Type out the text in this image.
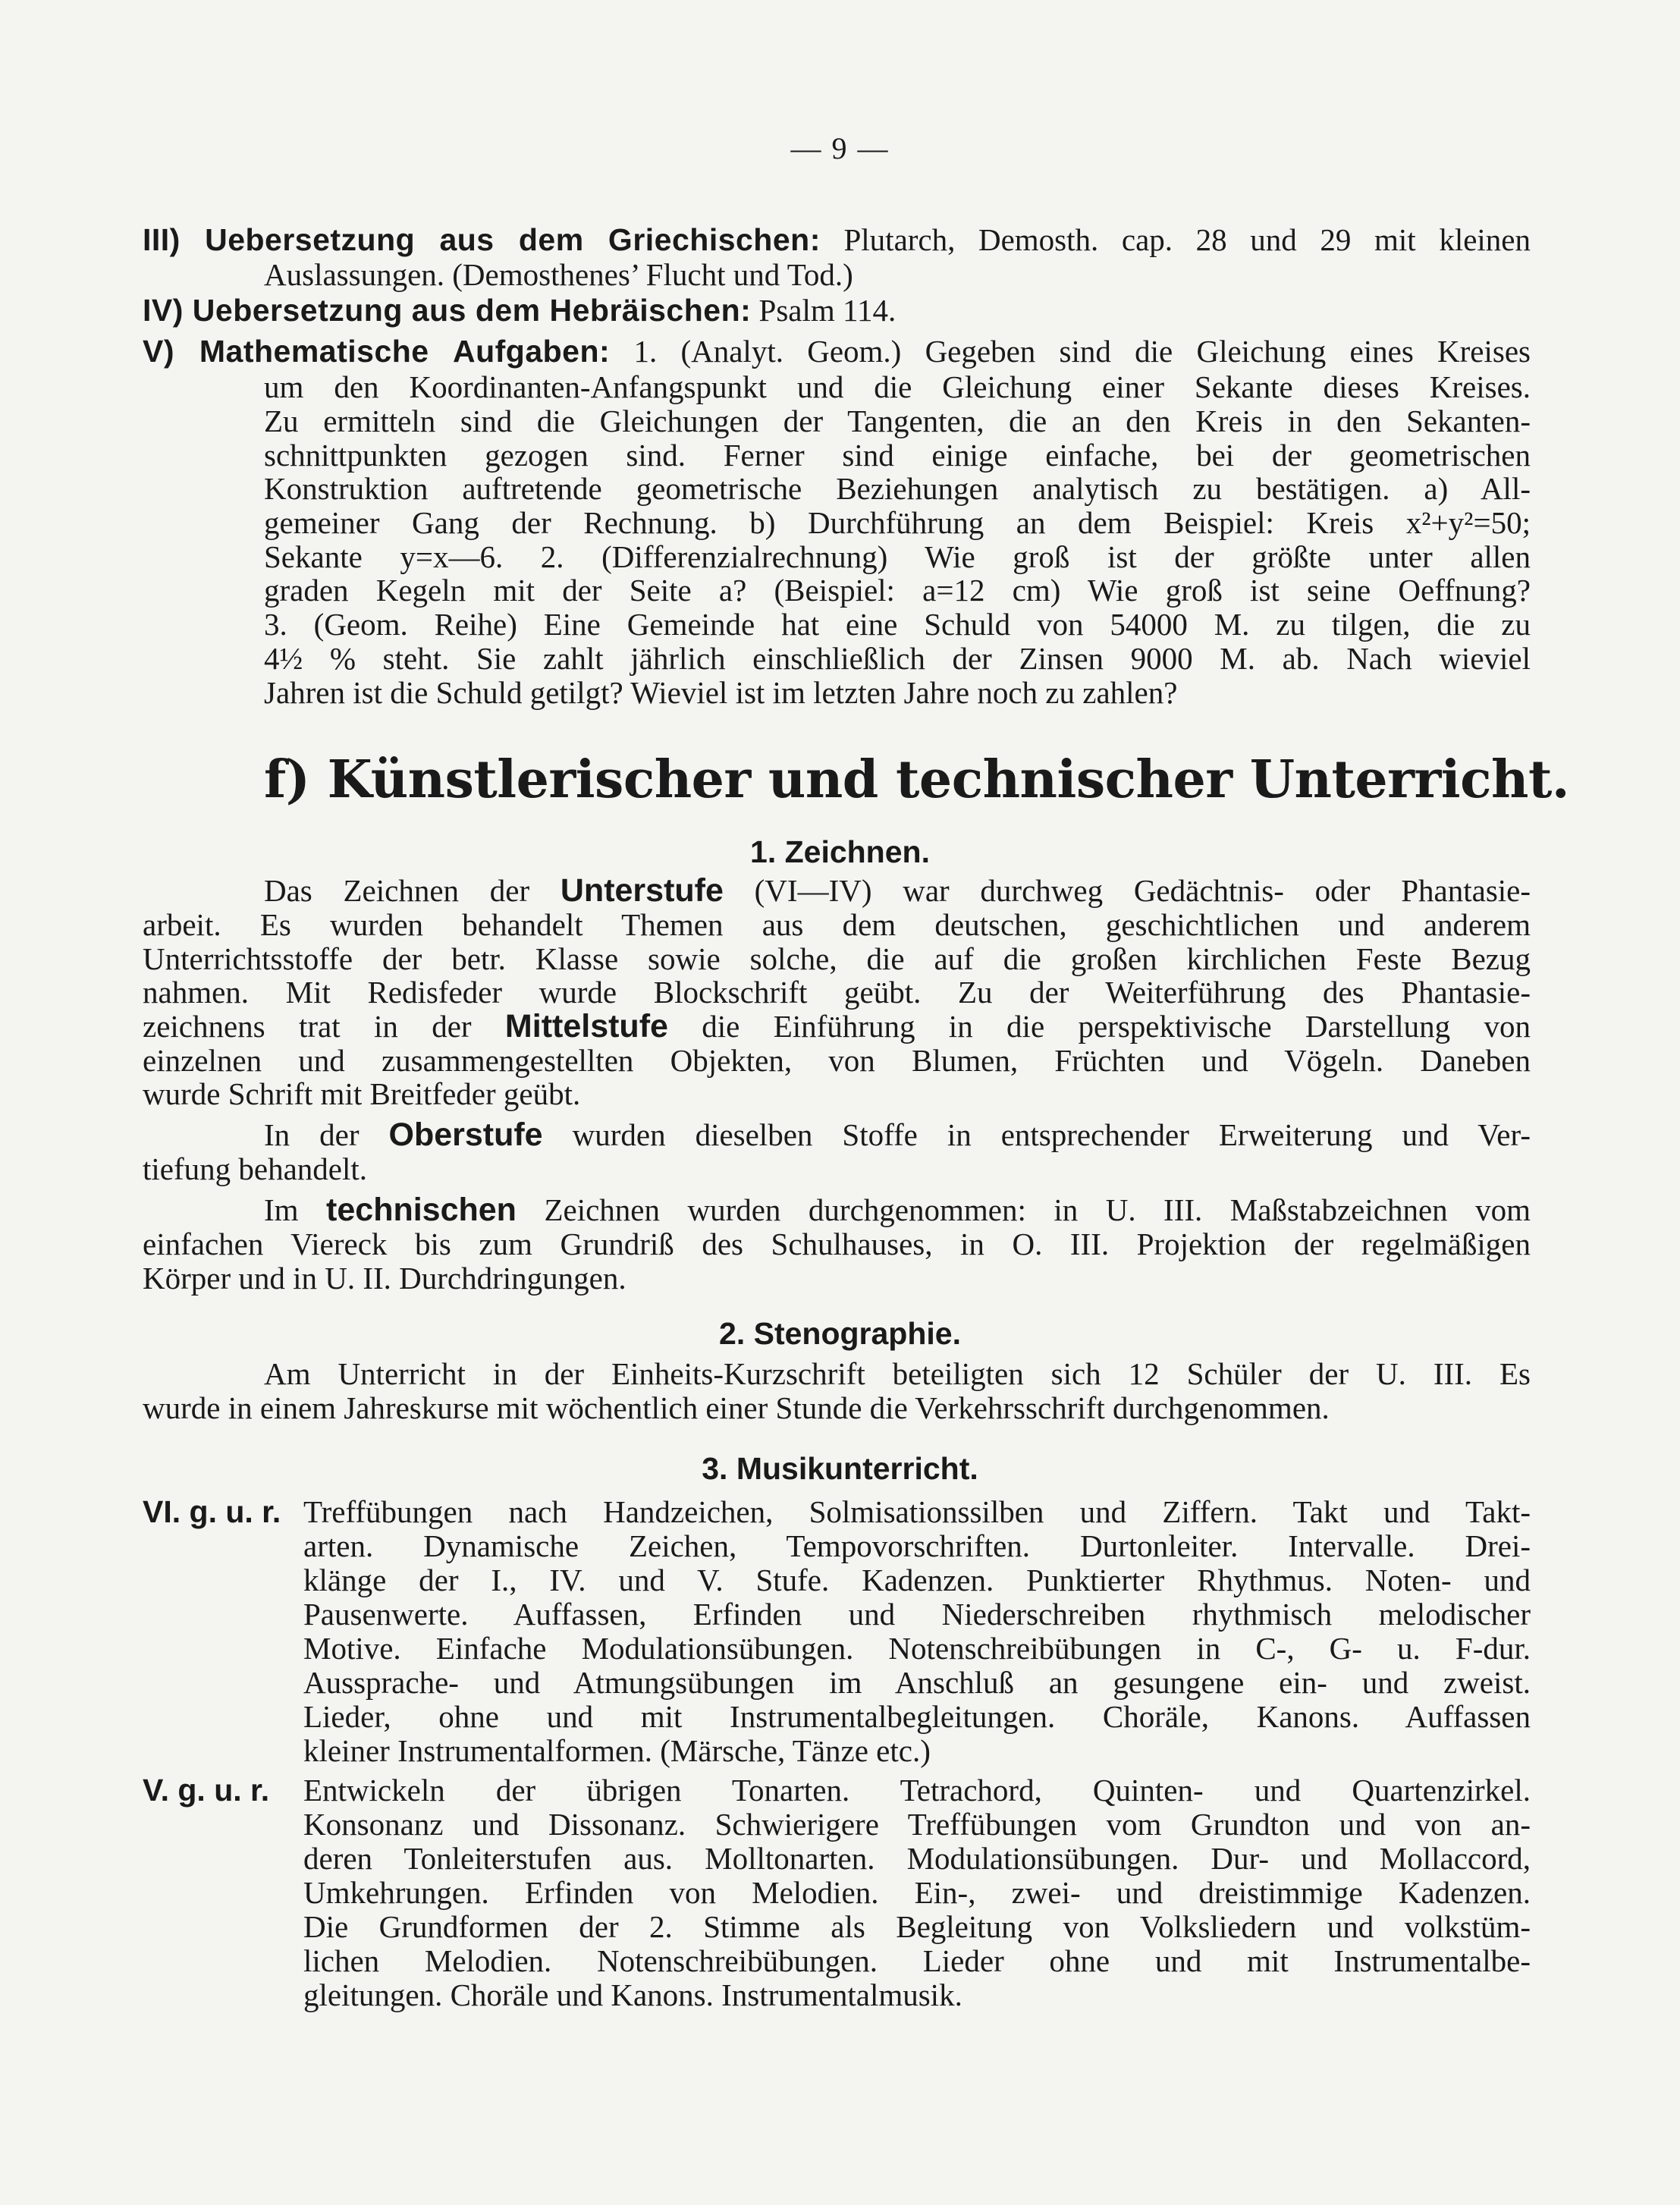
— 9 —
III) Uebersetzung aus dem Griechischen: Plutarch, Demosth. cap. 28 und 29 mit kleinen
Auslassungen. (Demosthenes’ Flucht und Tod.)
IV) Uebersetzung aus dem Hebräischen: Psalm 114.
V) Mathematische Aufgaben: 1. (Analyt. Geom.) Gegeben sind die Gleichung eines Kreises
um den Koordinanten-Anfangspunkt und die Gleichung einer Sekante dieses Kreises.
Zu ermitteln sind die Gleichungen der Tangenten, die an den Kreis in den Sekanten-
schnittpunkten gezogen sind. Ferner sind einige einfache, bei der geometrischen
Konstruktion auftretende geometrische Beziehungen analytisch zu bestätigen. a) All-
gemeiner Gang der Rechnung. b) Durchführung an dem Beispiel: Kreis x²+y²=50;
Sekante y=x—6. 2. (Differenzialrechnung) Wie groß ist der größte unter allen
graden Kegeln mit der Seite a? (Beispiel: a=12 cm) Wie groß ist seine Oeffnung?
3. (Geom. Reihe) Eine Gemeinde hat eine Schuld von 54000 M. zu tilgen, die zu
4½ % steht. Sie zahlt jährlich einschließlich der Zinsen 9000 M. ab. Nach wieviel
Jahren ist die Schuld getilgt? Wieviel ist im letzten Jahre noch zu zahlen?
f) Künstlerischer und technischer Unterricht.
1. Zeichnen.
Das Zeichnen der Unterstufe (VI—IV) war durchweg Gedächtnis- oder Phantasie-
arbeit. Es wurden behandelt Themen aus dem deutschen, geschichtlichen und anderem
Unterrichtsstoffe der betr. Klasse sowie solche, die auf die großen kirchlichen Feste Bezug
nahmen. Mit Redisfeder wurde Blockschrift geübt. Zu der Weiterführung des Phantasie-
zeichnens trat in der Mittelstufe die Einführung in die perspektivische Darstellung von
einzelnen und zusammengestellten Objekten, von Blumen, Früchten und Vögeln. Daneben
wurde Schrift mit Breitfeder geübt.
In der Oberstufe wurden dieselben Stoffe in entsprechender Erweiterung und Ver-
tiefung behandelt.
Im technischen Zeichnen wurden durchgenommen: in U. III. Maßstabzeichnen vom
einfachen Viereck bis zum Grundriß des Schulhauses, in O. III. Projektion der regelmäßigen
Körper und in U. II. Durchdringungen.
2. Stenographie.
Am Unterricht in der Einheits-Kurzschrift beteiligten sich 12 Schüler der U. III. Es
wurde in einem Jahreskurse mit wöchentlich einer Stunde die Verkehrsschrift durchgenommen.
3. Musikunterricht.
VI. g. u. r. Treffübungen nach Handzeichen, Solmisationssilben und Ziffern. Takt und Takt-
arten. Dynamische Zeichen, Tempovorschriften. Durtonleiter. Intervalle. Drei-
klänge der I., IV. und V. Stufe. Kadenzen. Punktierter Rhythmus. Noten- und
Pausenwerte. Auffassen, Erfinden und Niederschreiben rhythmisch melodischer
Motive. Einfache Modulationsübungen. Notenschreibübungen in C-, G- u. F-dur.
Aussprache- und Atmungsübungen im Anschluß an gesungene ein- und zweist.
Lieder, ohne und mit Instrumentalbegleitungen. Choräle, Kanons. Auffassen
kleiner Instrumentalformen. (Märsche, Tänze etc.)
V. g. u. r. Entwickeln der übrigen Tonarten. Tetrachord, Quinten- und Quartenzirkel.
Konsonanz und Dissonanz. Schwierigere Treffübungen vom Grundton und von an-
deren Tonleiterstufen aus. Molltonarten. Modulationsübungen. Dur- und Mollaccord,
Umkehrungen. Erfinden von Melodien. Ein-, zwei- und dreistimmige Kadenzen.
Die Grundformen der 2. Stimme als Begleitung von Volksliedern und volkstüm-
lichen Melodien. Notenschreibübungen. Lieder ohne und mit Instrumentalbe-
gleitungen. Choräle und Kanons. Instrumentalmusik.
